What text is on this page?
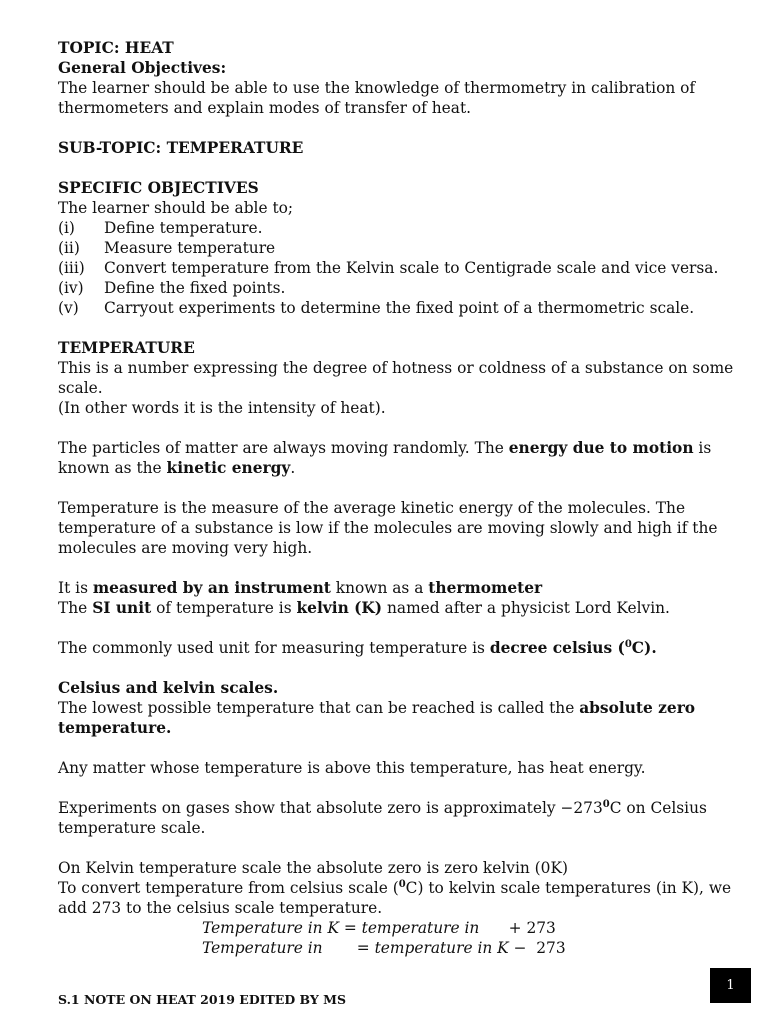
TOPIC: HEAT
General Objectives:
The learner should be able to use the knowledge of thermometry in calibration of
thermometers and explain modes of transfer of heat.
SUB-TOPIC: TEMPERATURE
SPECIFIC OBJECTIVES
The learner should be able to;
(i)	Define temperature.
(ii)	Measure temperature
(iii)	Convert temperature from the Kelvin scale to Centigrade scale and vice versa.
(iv)	Define the fixed points.
(v)	Carryout experiments to determine the fixed point of a thermometric scale.
TEMPERATURE
This is a number expressing the degree of hotness or coldness of a substance on some
scale.
(In other words it is the intensity of heat).
The particles of matter are always moving randomly. The energy due to motion is
known as the kinetic energy.
Temperature is the measure of the average kinetic energy of the molecules. The
temperature of a substance is low if the molecules are moving slowly and high if the
molecules are moving very high.
It is measured by an instrument known as a thermometer
The SI unit of temperature is kelvin (K) named after a physicist Lord Kelvin.
The commonly used unit for measuring temperature is decree celsius ($^0$C).
Celsius and kelvin scales.
The lowest possible temperature that can be reached is called the absolute zero
temperature.
Any matter whose temperature is above this temperature, has heat energy.
Experiments on gases show that absolute zero is approximately $-273^0C$ on Celsius
temperature scale.
On Kelvin temperature scale the absolute zero is zero kelvin (0K)
To convert temperature from celsius scale ($^0$C) to kelvin scale temperatures (in K), we
add 273 to the celsius scale temperature.
Temperature in K = temperature in + 273
Temperature in = temperature in K −  273
S.1 NOTE ON HEAT 2019 EDITED BY MS
1
